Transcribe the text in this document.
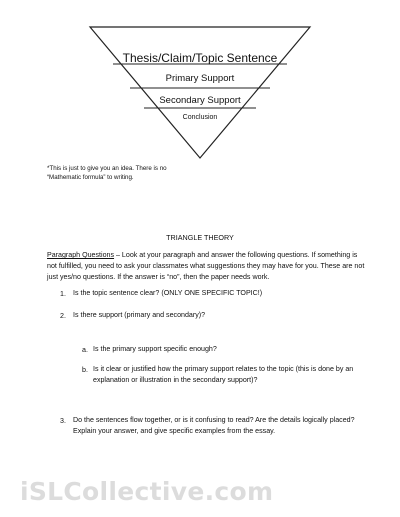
Thesis/Claim/Topic Sentence
Primary Support
Secondary Support
Conclusion
*This is just to give you an idea. There is no “Mathematic formula” to writing.
TRIANGLE THEORY
Paragraph Questions – Look at your paragraph and answer the following questions. If something is not fulfilled, you need to ask your classmates what suggestions they may have for you. These are not just yes/no questions. If the answer is “no”, then the paper needs work.
1. Is the topic sentence clear? (ONLY ONE SPECIFIC TOPIC!)
2. Is there support (primary and secondary)?
a. Is the primary support specific enough?
b. Is it clear or justified how the primary support relates to the topic (this is done by an explanation or illustration in the secondary support)?
3. Do the sentences flow together, or is it confusing to read? Are the details logically placed? Explain your answer, and give specific examples from the essay.
iSLCollective.com
